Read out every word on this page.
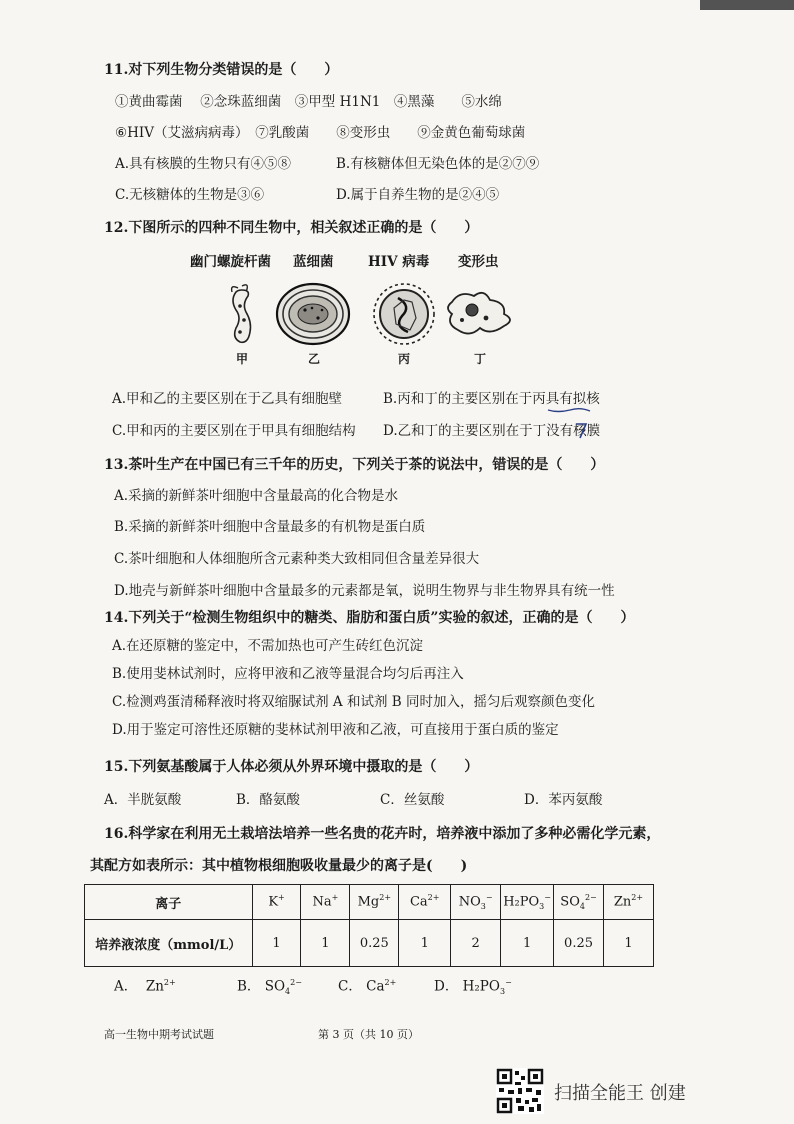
11.对下列生物分类错误的是（　　）
①黄曲霉菌　 ②念珠蓝细菌　③甲型 H1N1　④黑藻　　⑤水绵
⑥HIV（艾滋病病毒）　⑦乳酸菌　　⑧变形虫　　⑨金黄色葡萄球菌
A.具有核膜的生物只有④⑤⑧	B.有核糖体但无染色体的是②⑦⑨
C.无核糖体的生物是③⑥	D.属于自养生物的是②④⑤
12.下图所示的四种不同生物中，相关叙述正确的是（　　）
幽门螺旋杆菌 蓝细菌	HIV 病毒 变形虫
甲	乙	丙	丁
A.甲和乙的主要区别在于乙具有细胞壁	B.丙和丁的主要区别在于丙具有拟核
C.甲和丙的主要区别在于甲具有细胞结构 D.乙和丁的主要区别在于丁没有核膜
13.茶叶生产在中国已有三千年的历史，下列关于茶的说法中，错误的是（　　）
A.采摘的新鲜茶叶细胞中含量最高的化合物是水
B.采摘的新鲜茶叶细胞中含量最多的有机物是蛋白质
C.茶叶细胞和人体细胞所含元素种类大致相同但含量差异很大
D.地壳与新鲜茶叶细胞中含量最多的元素都是氧，说明生物界与非生物界具有统一性
14.下列关于“检测生物组织中的糖类、脂肪和蛋白质”实验的叙述，正确的是（　　）
A.在还原糖的鉴定中，不需加热也可产生砖红色沉淀
B.使用斐林试剂时，应将甲液和乙液等量混合均匀后再注入
C.检测鸡蛋清稀释液时将双缩脲试剂 A 和试剂 B 同时加入，摇匀后观察颜色变化
D.用于鉴定可溶性还原糖的斐林试剂甲液和乙液，可直接用于蛋白质的鉴定
15.下列氨基酸属于人体必须从外界环境中摄取的是（　　）
A．半胱氨酸	B．酪氨酸	C．丝氨酸	D．苯丙氨酸
16.科学家在利用无土栽培法培养一些名贵的花卉时，培养液中添加了多种必需化学元素，
其配方如表所示：其中植物根细胞吸收量最少的离子是(　　)
离子	K+	Na+	$Mg^{2+}$	$Ca^{2+}$	$NO_3^-$	$H_2PO_3^-$	$SO_4^{2-}$	$Zn^{2+}$
培养液浓度（mmol/L）	1	1	0.25	1	2	1	0.25	1
A． $Zn^{2+}$	B． $SO_4^{2-}$	C． $Ca^{2+}$	D． $H_2PO_3^-$
高一生物中期考试试题	第 3 页（共 10 页）
扫描全能王 创建
